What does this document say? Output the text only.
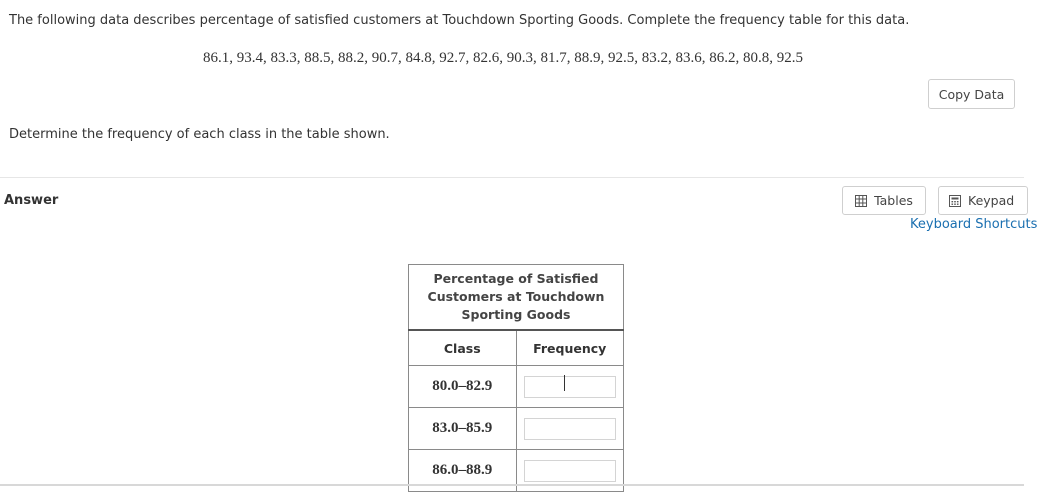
The following data describes percentage of satisfied customers at Touchdown Sporting Goods. Complete the frequency table for this data.
86.1, 93.4, 83.3, 88.5, 88.2, 90.7, 84.8, 92.7, 82.6, 90.3, 81.7, 88.9, 92.5, 83.2, 83.6, 86.2, 80.8, 92.5
Copy Data
Determine the frequency of each class in the table shown.
Answer	Tables	Keypad
Keyboard Shortcuts
Percentage of Satisfied Customers at Touchdown Sporting Goods	
Class	Frequency
80.0–82.9	
83.0–85.9	
86.0–88.9	
